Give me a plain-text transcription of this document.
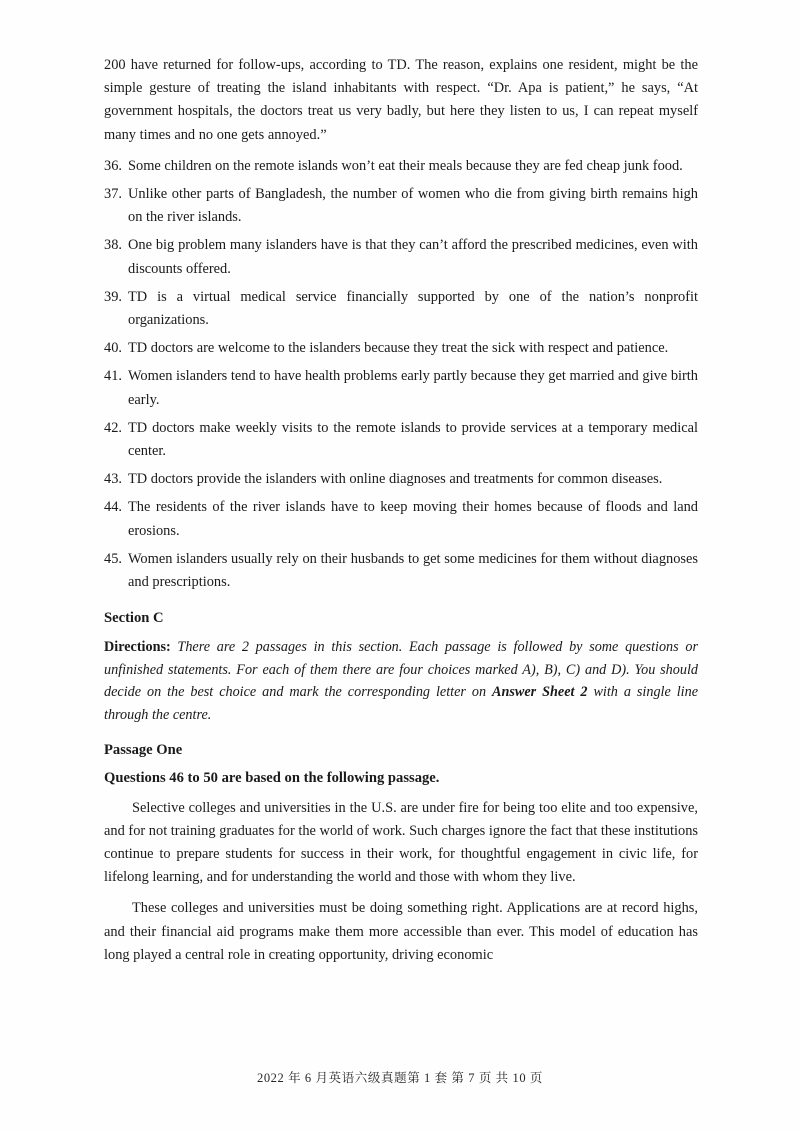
200 have returned for follow-ups, according to TD. The reason, explains one resident, might be the simple gesture of treating the island inhabitants with respect. “Dr. Apa is patient,” he says, “At government hospitals, the doctors treat us very badly, but here they listen to us, I can repeat myself many times and no one gets annoyed.”

36. Some children on the remote islands won’t eat their meals because they are fed cheap junk food.
37. Unlike other parts of Bangladesh, the number of women who die from giving birth remains high on the river islands.
38. One big problem many islanders have is that they can’t afford the prescribed medicines, even with discounts offered.
39. TD is a virtual medical service financially supported by one of the nation’s nonprofit organizations.
40. TD doctors are welcome to the islanders because they treat the sick with respect and patience.
41. Women islanders tend to have health problems early partly because they get married and give birth early.
42. TD doctors make weekly visits to the remote islands to provide services at a temporary medical center.
43. TD doctors provide the islanders with online diagnoses and treatments for common diseases.
44. The residents of the river islands have to keep moving their homes because of floods and land erosions.
45. Women islanders usually rely on their husbands to get some medicines for them without diagnoses and prescriptions.
Section C

Directions: There are 2 passages in this section. Each passage is followed by some questions or unfinished statements. For each of them there are four choices marked A), B), C) and D). You should decide on the best choice and mark the corresponding letter on Answer Sheet 2 with a single line through the centre.

Passage One
Questions 46 to 50 are based on the following passage.

Selective colleges and universities in the U.S. are under fire for being too elite and too expensive, and for not training graduates for the world of work. Such charges ignore the fact that these institutions continue to prepare students for success in their work, for thoughtful engagement in civic life, for lifelong learning, and for understanding the world and those with whom they live.

These colleges and universities must be doing something right. Applications are at record highs, and their financial aid programs make them more accessible than ever. This model of education has long played a central role in creating opportunity, driving economic

2022 年 6 月英语六级真题第 1 套 第 7 页 共 10 页
